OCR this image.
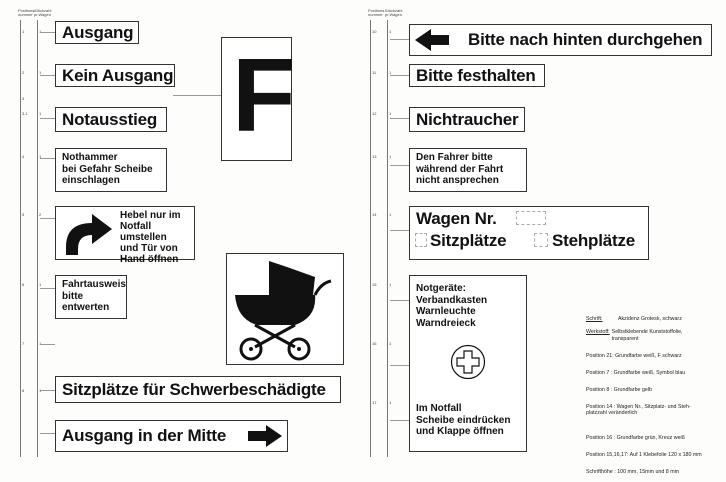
Positions-
nummer
Stückzahl
pr.Wagen
1
2
3
3.1
4
5
6
7
8
1
1
1
1
2
1
1
1
Ausgang
Kein Ausgang
Notausstieg
Nothammer
bei Gefahr Scheibe
einschlagen
Hebel nur im
Notfall umstellen
und Tür von
Hand öffnen
Fahrtausweis
bitte
entwerten
F
Sitzplätze für Schwerbeschädigte
Ausgang in der Mitte
Positions-
nummer
Stückzahl
pr.Wagen
10
11
12
13
14
15
16
17
1
1
1
1
1
1
1
1
Bitte nach hinten durchgehen
Bitte festhalten
Nichtraucher
Den Fahrer bitte
während der Fahrt
nicht ansprechen
Wagen Nr.
Sitzplätze	Stehplätze
Notgeräte:
Verbandkasten
Warnleuchte
Warndreieck
Im Notfall
Scheibe eindrücken
und Klappe öffnen

Schrift:	Akzidenz Grotesk, schwarz

Werkstoff: Selbstklebende Kunststoffolie,
transparent

Position 21: Grundfarbe weiß, F schwarz

Position 7 : Grundfarbe weiß, Symbol blau

Position 8 : Grundfarbe gelb

Position 14 : Wagen Nr., Sitzplatz- und Steh-
platzzahl veränderlich

Position 16 : Grundfarbe grün, Kreuz weiß

Position 15,16,17: Auf 1 Klebefolie 120 x 180 mm

Schrifthöhe : 100 mm, 15mm und 8 mm
